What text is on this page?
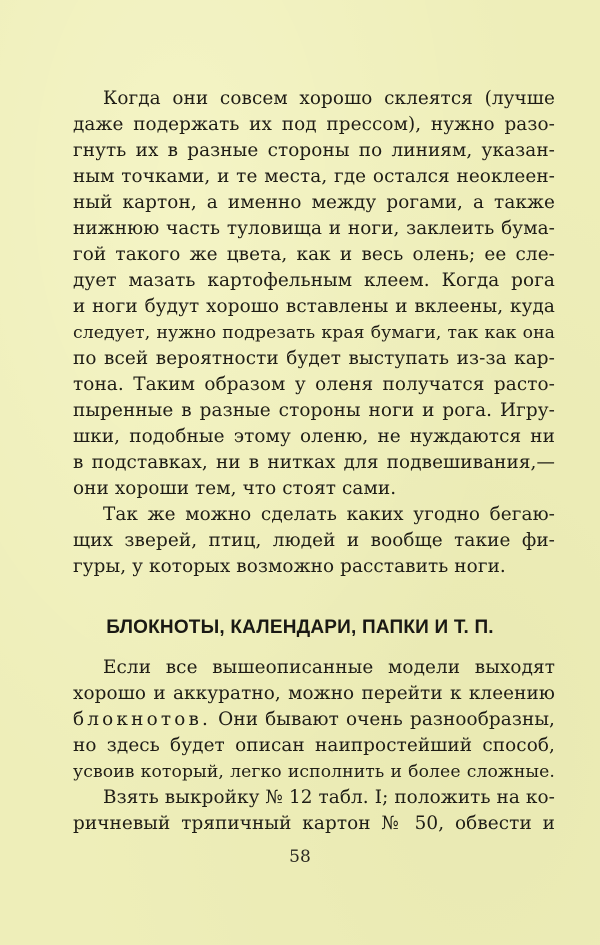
Когда они совсем хорошо склеятся (лучше
даже подержать их под прессом), нужно разо-
гнуть их в разные стороны по линиям, указан-
ным точками, и те места, где остался неоклеен-
ный картон, а именно между рогами, а также
нижнюю часть туловища и ноги, заклеить бума-
гой такого же цвета, как и весь олень; ее сле-
дует мазать картофельным клеем. Когда рога
и ноги будут хорошо вставлены и вклеены, куда
следует, нужно подрезать края бумаги, так как она
по всей вероятности будет выступать из-за кар-
тона. Таким образом у оленя получатся расто-
пыренные в разные стороны ноги и рога. Игру-
шки, подобные этому оленю, не нуждаются ни
в подставках, ни в нитках для подвешивания,—
они хороши тем, что стоят сами.
Так же можно сделать каких угодно бегаю-
щих зверей, птиц, людей и вообще такие фи-
гуры, у которых возможно расставить ноги.
БЛОКНОТЫ, КАЛЕНДАРИ, ПАПКИ И Т. П.
Если все вышеописанные модели выходят
хорошо и аккуратно, можно перейти к клеению
блокнотов. Они бывают очень разнообразны,
но здесь будет описан наипростейший способ,
усвоив который, легко исполнить и более сложные.
Взять выкройку № 12 табл. I; положить на ко-
ричневый тряпичный картон № 50, обвести и
58
